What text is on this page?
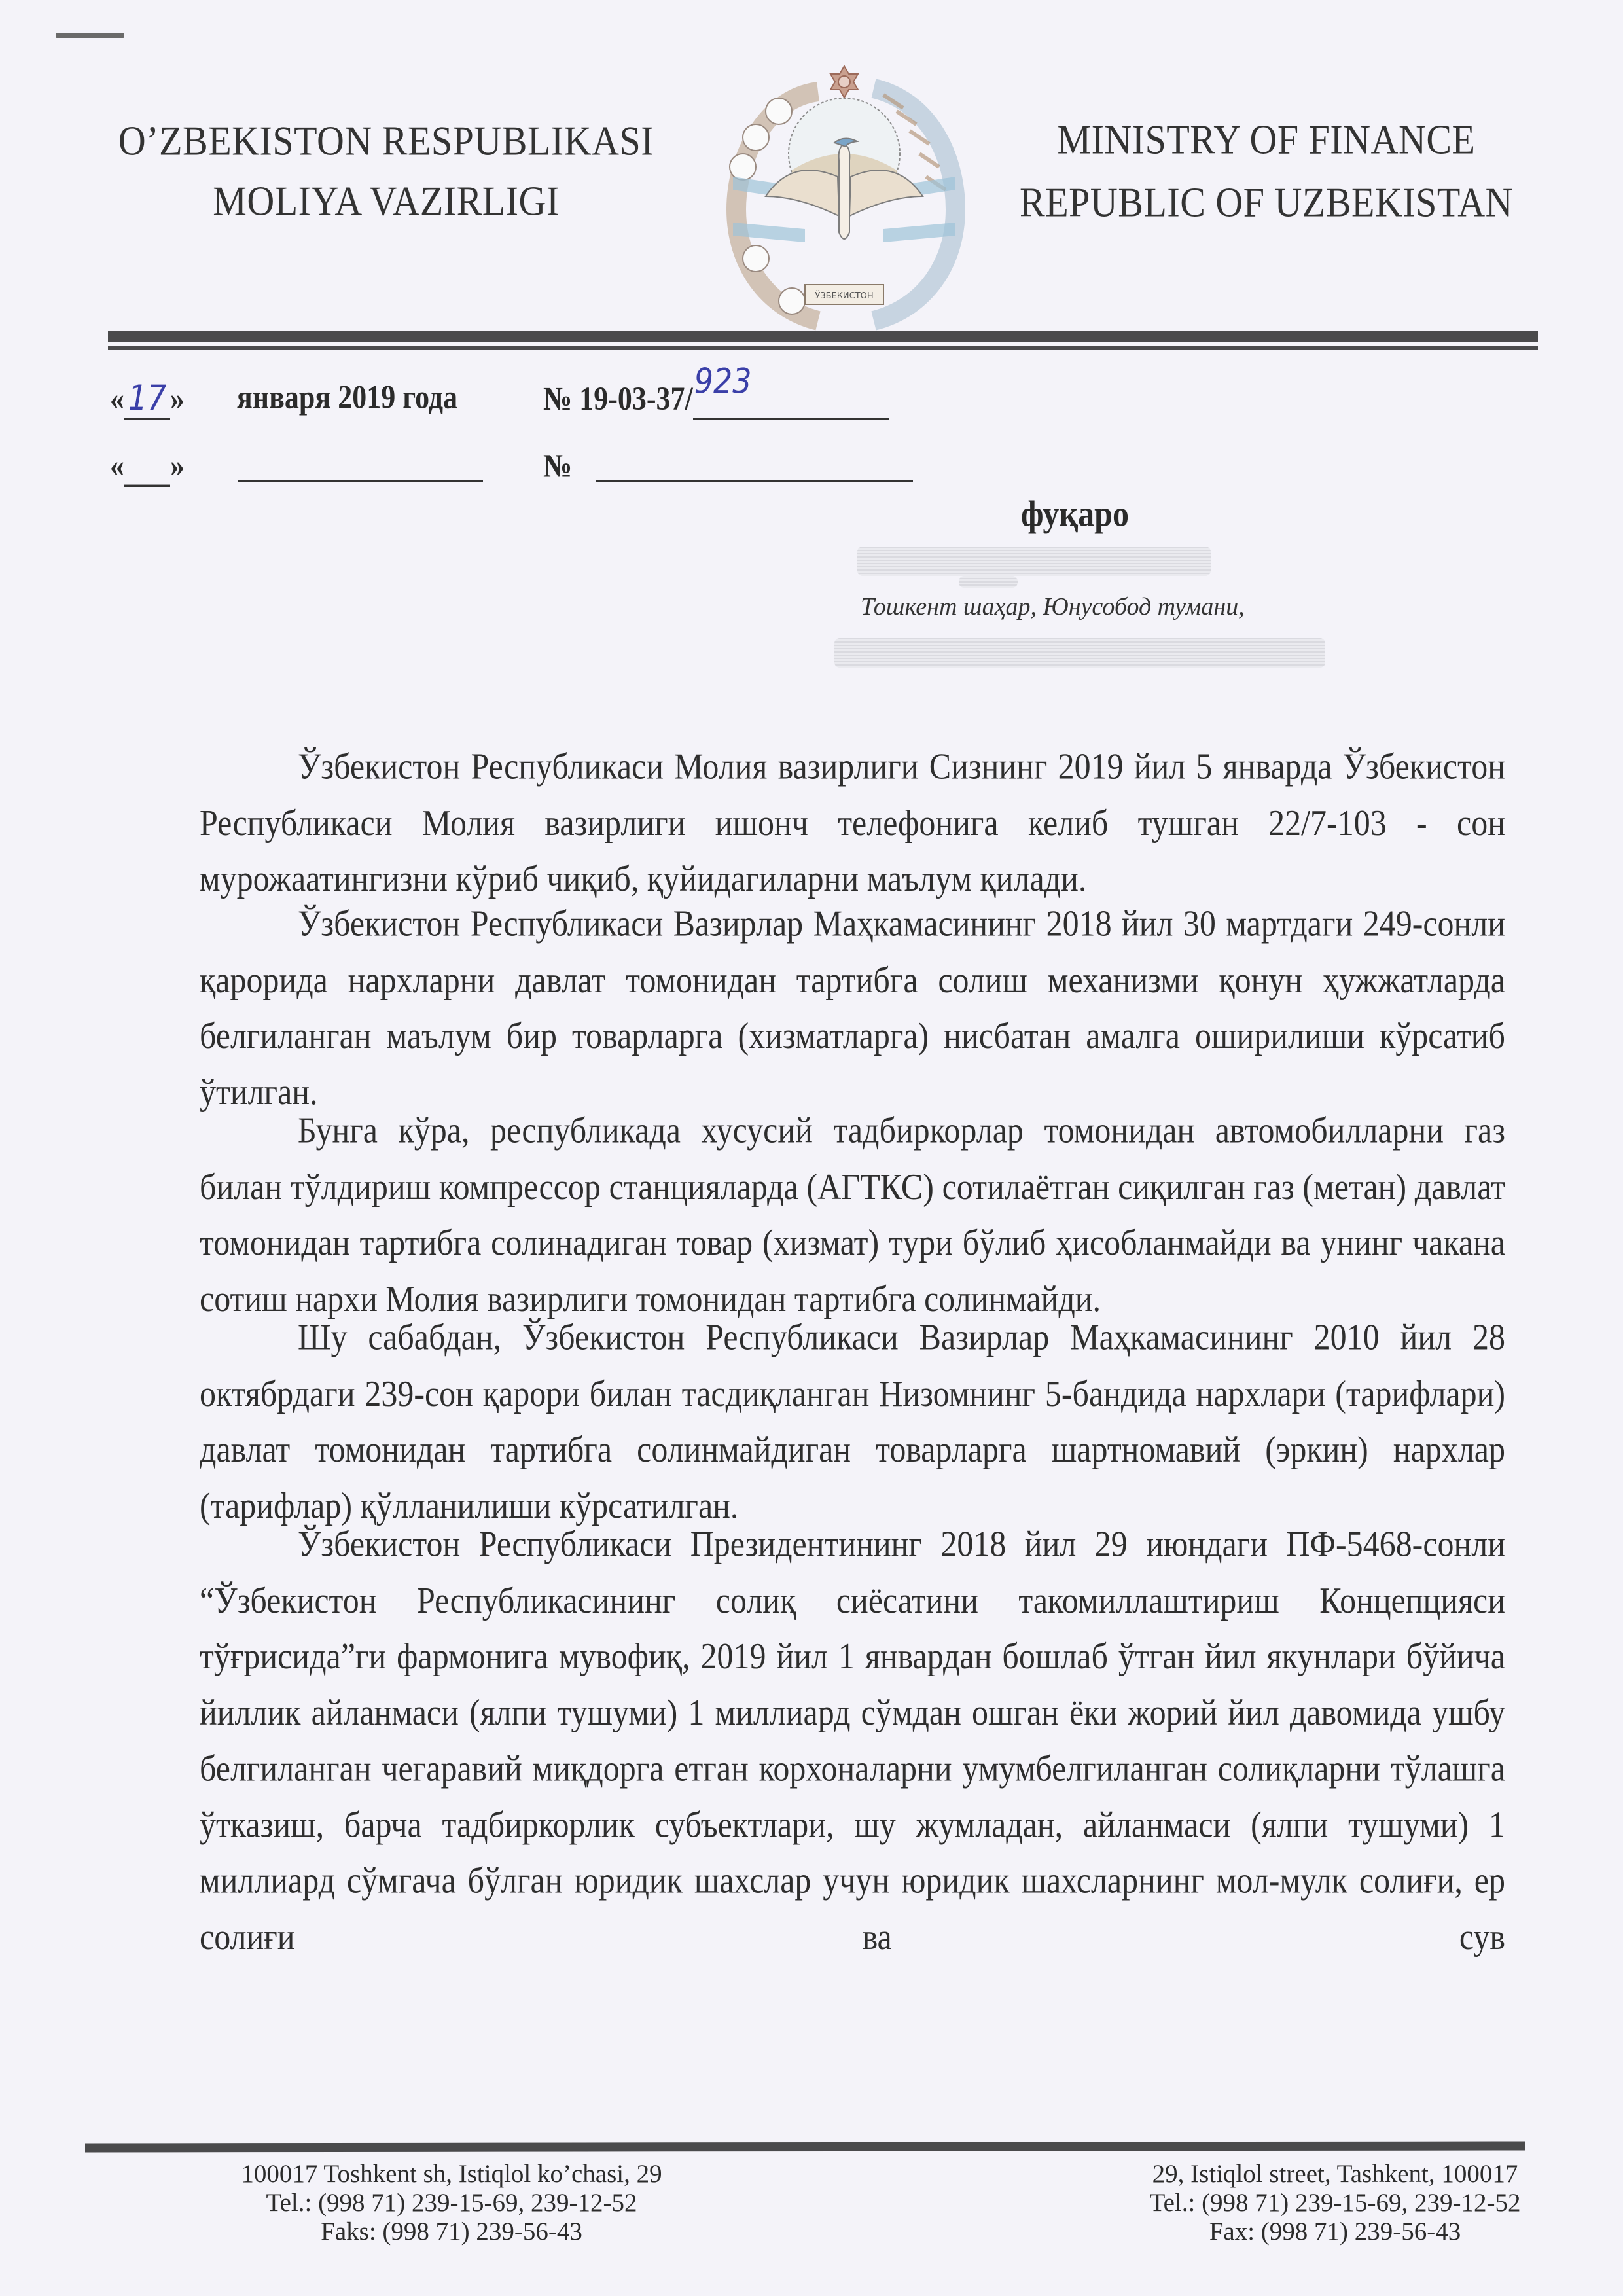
O’ZBEKISTON RESPUBLIKASI
MOLIYA VAZIRLIGI
MINISTRY OF FINANCE
REPUBLIC OF UZBEKISTAN
ЎЗБЕКИСТОН
« 17 » января 2019 года	№ 19-03-37/923
« »	№
фуқаро
Тошкент шаҳар, Юнусобод тумани,

Ўзбекистон Республикаси Молия вазирлиги Сизнинг 2019 йил 5 январда Ўзбекистон Республикаси Молия вазирлиги ишонч телефонига келиб тушган 22/7-103 - сон мурожаатингизни кўриб чиқиб, қуйидагиларни маълум қилади.

Ўзбекистон Республикаси Вазирлар Маҳкамасининг 2018 йил 30 мартдаги 249-сонли қарорида нархларни давлат томонидан тартибга солиш механизми қонун ҳужжатларда белгиланган маълум бир товарларга (хизматларга) нисбатан амалга оширилиши кўрсатиб ўтилган.

Бунга кўра, республикада хусусий тадбиркорлар томонидан автомобилларни газ билан тўлдириш компрессор станцияларда (АГТКС) сотилаётган сиқилган газ (метан) давлат томонидан тартибга солинадиган товар (хизмат) тури бўлиб ҳисобланмайди ва унинг чакана сотиш нархи Молия вазирлиги томонидан тартибга солинмайди.

Шу сабабдан, Ўзбекистон Республикаси Вазирлар Маҳкамасининг 2010 йил 28 октябрдаги 239-сон қарори билан тасдиқланган Низомнинг 5-бандида нархлари (тарифлари) давлат томонидан тартибга солинмайдиган товарларга шартномавий (эркин) нархлар (тарифлар) қўлланилиши кўрсатилган.

Ўзбекистон Республикаси Президентининг 2018 йил 29 июндаги ПФ-5468-сонли “Ўзбекистон Республикасининг солиқ сиёсатини такомиллаштириш Концепцияси тўғрисида”ги фармонига мувофиқ, 2019 йил 1 январдан бошлаб ўтган йил якунлари бўйича йиллик айланмаси (ялпи тушуми) 1 миллиард сўмдан ошган ёки жорий йил давомида ушбу белгиланган чегаравий миқдорга етган корхоналарни умумбелгиланган солиқларни тўлашга ўтказиш, барча тадбиркорлик субъектлари, шу жумладан, айланмаси (ялпи тушуми) 1 миллиард сўмгача бўлган юридик шахслар учун юридик шахсларнинг мол-мулк солиғи, ер солиғи ва сув

100017 Toshkent sh, Istiqlol ko’chasi, 29
Tel.: (998 71) 239-15-69, 239-12-52
Faks: (998 71) 239-56-43
29, Istiqlol street, Tashkent, 100017
Tel.: (998 71) 239-15-69, 239-12-52
Fax: (998 71) 239-56-43
